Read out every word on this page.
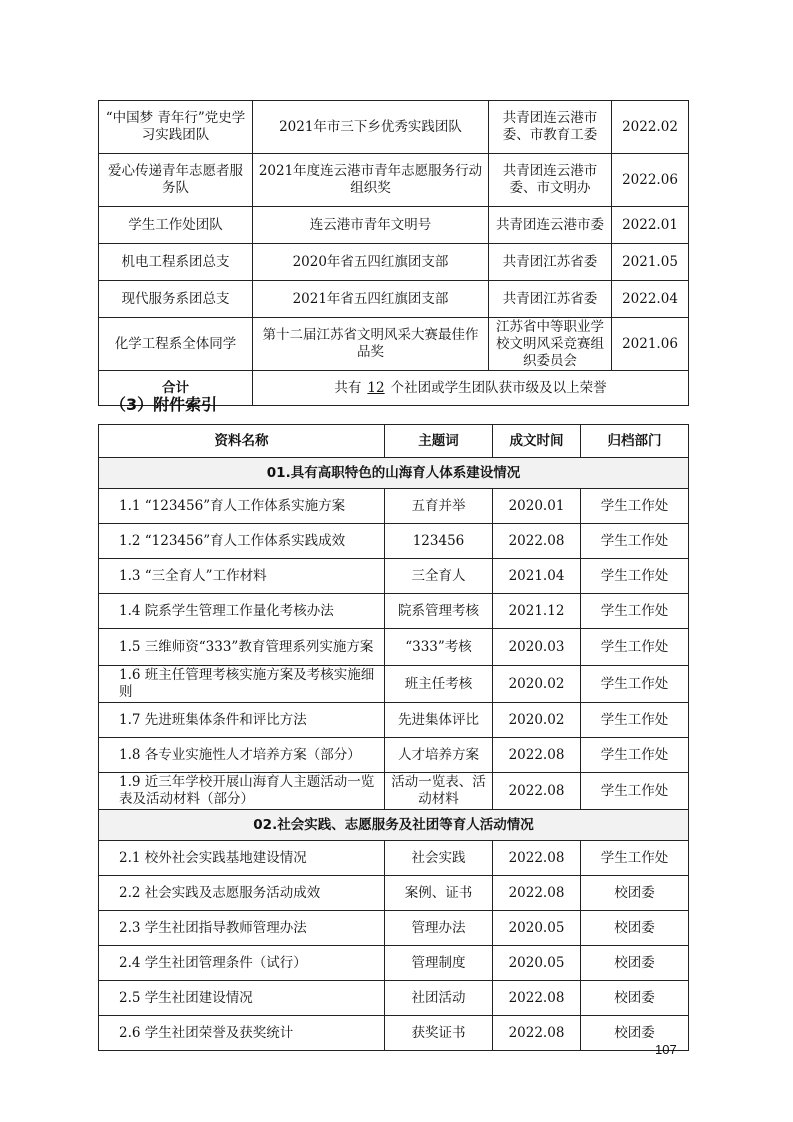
“中国梦 青年行”党史学习实践团队	2021年市三下乡优秀实践团队	共青团连云港市委、市教育工委	2022.02
爱心传递青年志愿者服务队	2021年度连云港市青年志愿服务行动组织奖	共青团连云港市委、市文明办	2022.06
学生工作处团队	连云港市青年文明号	共青团连云港市委	2022.01
机电工程系团总支	2020年省五四红旗团支部	共青团江苏省委	2021.05
现代服务系团总支	2021年省五四红旗团支部	共青团江苏省委	2022.04
化学工程系全体同学	第十二届江苏省文明风采大赛最佳作品奖	江苏省中等职业学校文明风采竞赛组织委员会	2021.06
合计	共有 12 个社团或学生团队获市级及以上荣誉		
（3）附件索引
资料名称	主题词	成文时间	归档部门
01.具有高职特色的山海育人体系建设情况			
1.1 “123456”育人工作体系实施方案	五育并举	2020.01	学生工作处
1.2 “123456”育人工作体系实践成效	123456	2022.08	学生工作处
1.3 “三全育人”工作材料	三全育人	2021.04	学生工作处
1.4 院系学生管理工作量化考核办法	院系管理考核	2021.12	学生工作处
1.5 三维师资“333”教育管理系列实施方案	“333”考核	2020.03	学生工作处
1.6 班主任管理考核实施方案及考核实施细则	班主任考核	2020.02	学生工作处
1.7 先进班集体条件和评比方法	先进集体评比	2020.02	学生工作处
1.8 各专业实施性人才培养方案（部分）	人才培养方案	2022.08	学生工作处
1.9 近三年学校开展山海育人主题活动一览表及活动材料（部分）	活动一览表、活动材料	2022.08	学生工作处
02.社会实践、志愿服务及社团等育人活动情况			
2.1 校外社会实践基地建设情况	社会实践	2022.08	学生工作处
2.2 社会实践及志愿服务活动成效	案例、证书	2022.08	校团委
2.3 学生社团指导教师管理办法	管理办法	2020.05	校团委
2.4 学生社团管理条件（试行）	管理制度	2020.05	校团委
2.5 学生社团建设情况	社团活动	2022.08	校团委
2.6 学生社团荣誉及获奖统计	获奖证书	2022.08	校团委
107
